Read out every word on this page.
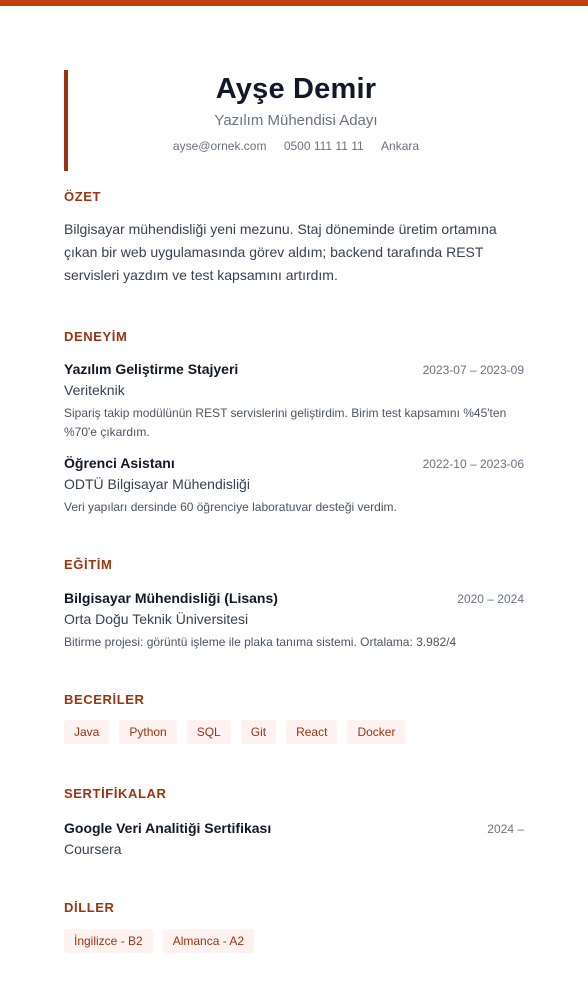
Ayşe Demir
Yazılım Mühendisi Adayı
ayse@ornek.com 0500 111 11 11 Ankara
ÖZET
Bilgisayar mühendisliği yeni mezunu. Staj döneminde üretim ortamına çıkan bir web uygulamasında görev aldım; backend tarafında REST servisleri yazdım ve test kapsamını artırdım.
DENEYİM
Yazılım Geliştirme Stajyeri	2023-07 – 2023-09
Veriteknik
Sipariş takip modülünün REST servislerini geliştirdim. Birim test kapsamını %45'ten %70'e çıkardım.
Öğrenci Asistanı	2022-10 – 2023-06
ODTÜ Bilgisayar Mühendisliği
Veri yapıları dersinde 60 öğrenciye laboratuvar desteği verdim.
EĞİTİM
Bilgisayar Mühendisliği (Lisans)	2020 – 2024
Orta Doğu Teknik Üniversitesi
Bitirme projesi: görüntü işleme ile plaka tanıma sistemi. Ortalama: 3.982/4
BECERİLER
Java	Python	SQL	Git	React	Docker
SERTİFİKALAR
Google Veri Analitiği Sertifikası	2024 –
Coursera
DİLLER
İngilizce - B2	Almanca - A2
